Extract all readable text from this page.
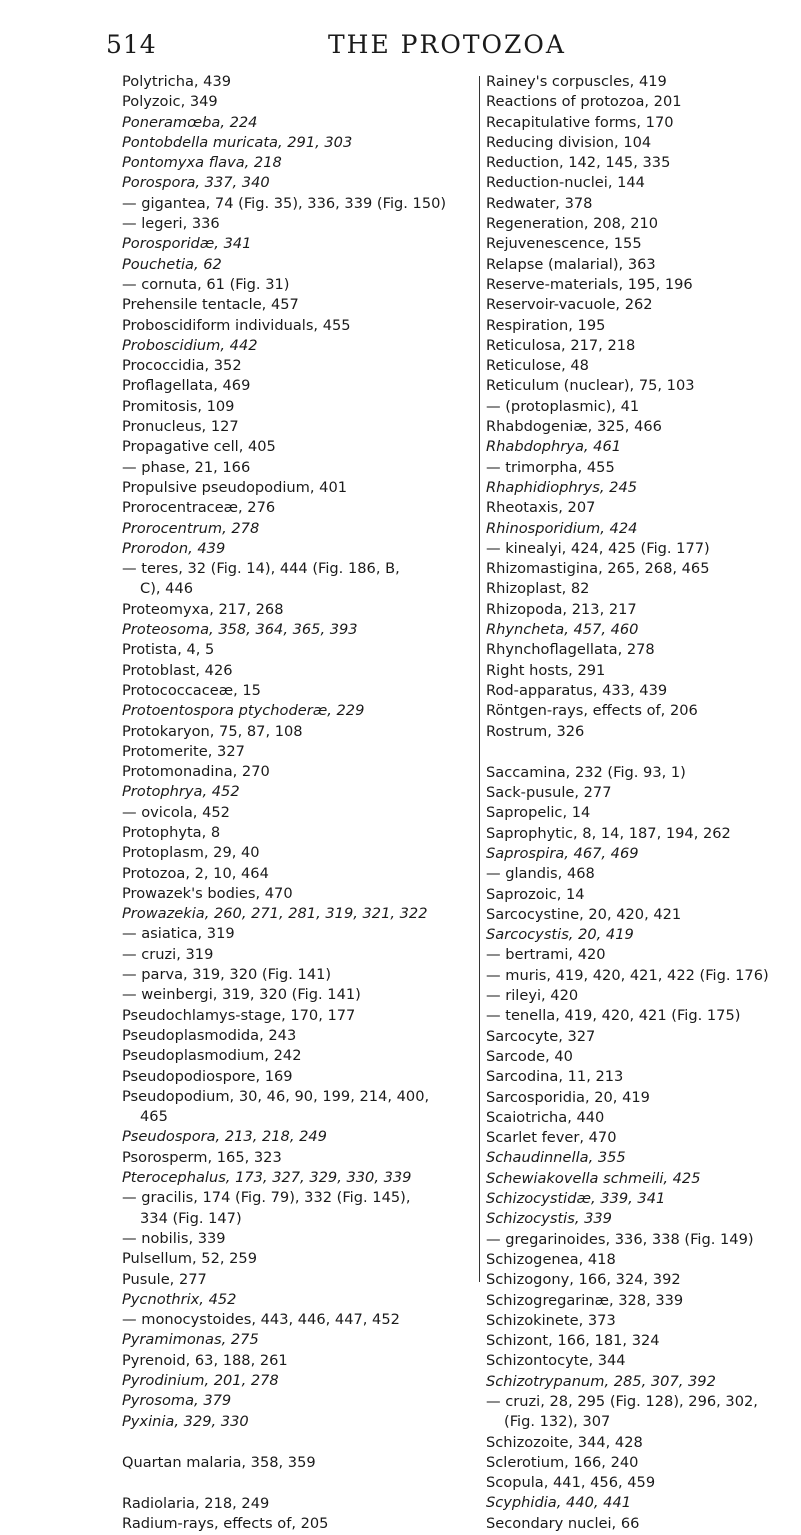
514	THE PROTOZOA
Polytricha, 439
Polyzoic, 349
Poneramœba, 224
Pontobdella muricata, 291, 303
Pontomyxa flava, 218
Porospora, 337, 340
— gigantea, 74 (Fig. 35), 336, 339 (Fig. 150)
— legeri, 336
Porosporidæ, 341
Pouchetia, 62
— cornuta, 61 (Fig. 31)
Prehensile tentacle, 457
Proboscidiform individuals, 455
Proboscidium, 442
Prococcidia, 352
Proflagellata, 469
Promitosis, 109
Pronucleus, 127
Propagative cell, 405
— phase, 21, 166
Propulsive pseudopodium, 401
Prorocentraceæ, 276
Prorocentrum, 278
Prorodon, 439
— teres, 32 (Fig. 14), 444 (Fig. 186, B,
C), 446
Proteomyxa, 217, 268
Proteosoma, 358, 364, 365, 393
Protista, 4, 5
Protoblast, 426
Protococcaceæ, 15
Protoentospora ptychoderæ, 229
Protokaryon, 75, 87, 108
Protomerite, 327
Protomonadina, 270
Protophrya, 452
— ovicola, 452
Protophyta, 8
Protoplasm, 29, 40
Protozoa, 2, 10, 464
Prowazek's bodies, 470
Prowazekia, 260, 271, 281, 319, 321, 322
— asiatica, 319
— cruzi, 319
— parva, 319, 320 (Fig. 141)
— weinbergi, 319, 320 (Fig. 141)
Pseudochlamys-stage, 170, 177
Pseudoplasmodida, 243
Pseudoplasmodium, 242
Pseudopodiospore, 169
Pseudopodium, 30, 46, 90, 199, 214, 400,
465
Pseudospora, 213, 218, 249
Psorosperm, 165, 323
Pterocephalus, 173, 327, 329, 330, 339
— gracilis, 174 (Fig. 79), 332 (Fig. 145),
334 (Fig. 147)
— nobilis, 339
Pulsellum, 52, 259
Pusule, 277
Pycnothrix, 452
— monocystoides, 443, 446, 447, 452
Pyramimonas, 275
Pyrenoid, 63, 188, 261
Pyrodinium, 201, 278
Pyrosoma, 379
Pyxinia, 329, 330
Quartan malaria, 358, 359
Radiolaria, 218, 249
Radium-rays, effects of, 205
Rainey's corpuscles, 419
Reactions of protozoa, 201
Recapitulative forms, 170
Reducing division, 104
Reduction, 142, 145, 335
Reduction-nuclei, 144
Redwater, 378
Regeneration, 208, 210
Rejuvenescence, 155
Relapse (malarial), 363
Reserve-materials, 195, 196
Reservoir-vacuole, 262
Respiration, 195
Reticulosa, 217, 218
Reticulose, 48
Reticulum (nuclear), 75, 103
— (protoplasmic), 41
Rhabdogeniæ, 325, 466
Rhabdophrya, 461
— trimorpha, 455
Rhaphidiophrys, 245
Rheotaxis, 207
Rhinosporidium, 424
— kinealyi, 424, 425 (Fig. 177)
Rhizomastigina, 265, 268, 465
Rhizoplast, 82
Rhizopoda, 213, 217
Rhyncheta, 457, 460
Rhynchoflagellata, 278
Right hosts, 291
Rod-apparatus, 433, 439
Röntgen-rays, effects of, 206
Rostrum, 326
Saccamina, 232 (Fig. 93, 1)
Sack-pusule, 277
Sapropelic, 14
Saprophytic, 8, 14, 187, 194, 262
Saprospira, 467, 469
— glandis, 468
Saprozoic, 14
Sarcocystine, 20, 420, 421
Sarcocystis, 20, 419
— bertrami, 420
— muris, 419, 420, 421, 422 (Fig. 176)
— rileyi, 420
— tenella, 419, 420, 421 (Fig. 175)
Sarcocyte, 327
Sarcode, 40
Sarcodina, 11, 213
Sarcosporidia, 20, 419
Scaiotricha, 440
Scarlet fever, 470
Schaudinnella, 355
Schewiakovella schmeili, 425
Schizocystidæ, 339, 341
Schizocystis, 339
— gregarinoides, 336, 338 (Fig. 149)
Schizogenea, 418
Schizogony, 166, 324, 392
Schizogregarinæ, 328, 339
Schizokinete, 373
Schizont, 166, 181, 324
Schizontocyte, 344
Schizotrypanum, 285, 307, 392
— cruzi, 28, 295 (Fig. 128), 296, 302,
(Fig. 132), 307
Schizozoite, 344, 428
Sclerotium, 166, 240
Scopula, 441, 456, 459
Scyphidia, 440, 441
Secondary nuclei, 66
